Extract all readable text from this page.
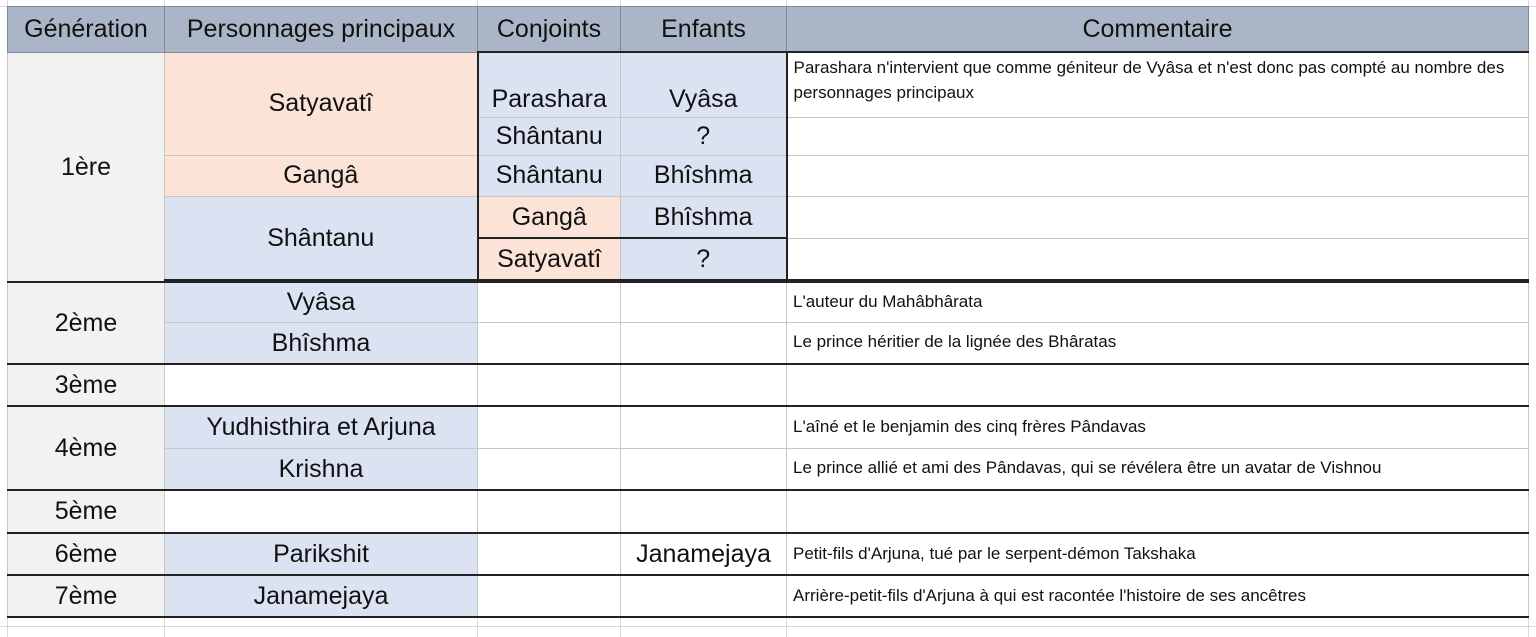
Génération	Personnages principaux	Conjoints	Enfants	Commentaire
1ère	Satyavatî	Parashara	Vyâsa	Parashara n'intervient que comme géniteur de Vyâsa et n'est donc pas compté au nombre des personnages principaux
		Shântanu	?	
	Gangâ	Shântanu	Bhîshma	
	Shântanu	Gangâ	Bhîshma	
		Satyavatî	?	

2ème	Vyâsa			L'auteur du Mahâbhârata
	Bhîshma			Le prince héritier de la lignée des Bhâratas
3ème				
4ème	Yudhisthira et Arjuna			L'aîné et le benjamin des cinq frères Pândavas
	Krishna			Le prince allié et ami des Pândavas, qui se révélera être un avatar de Vishnou
5ème				
6ème	Parikshit		Janamejaya	Petit-fils d'Arjuna, tué par le serpent-démon Takshaka
7ème	Janamejaya			Arrière-petit-fils d'Arjuna à qui est racontée l'histoire de ses ancêtres
